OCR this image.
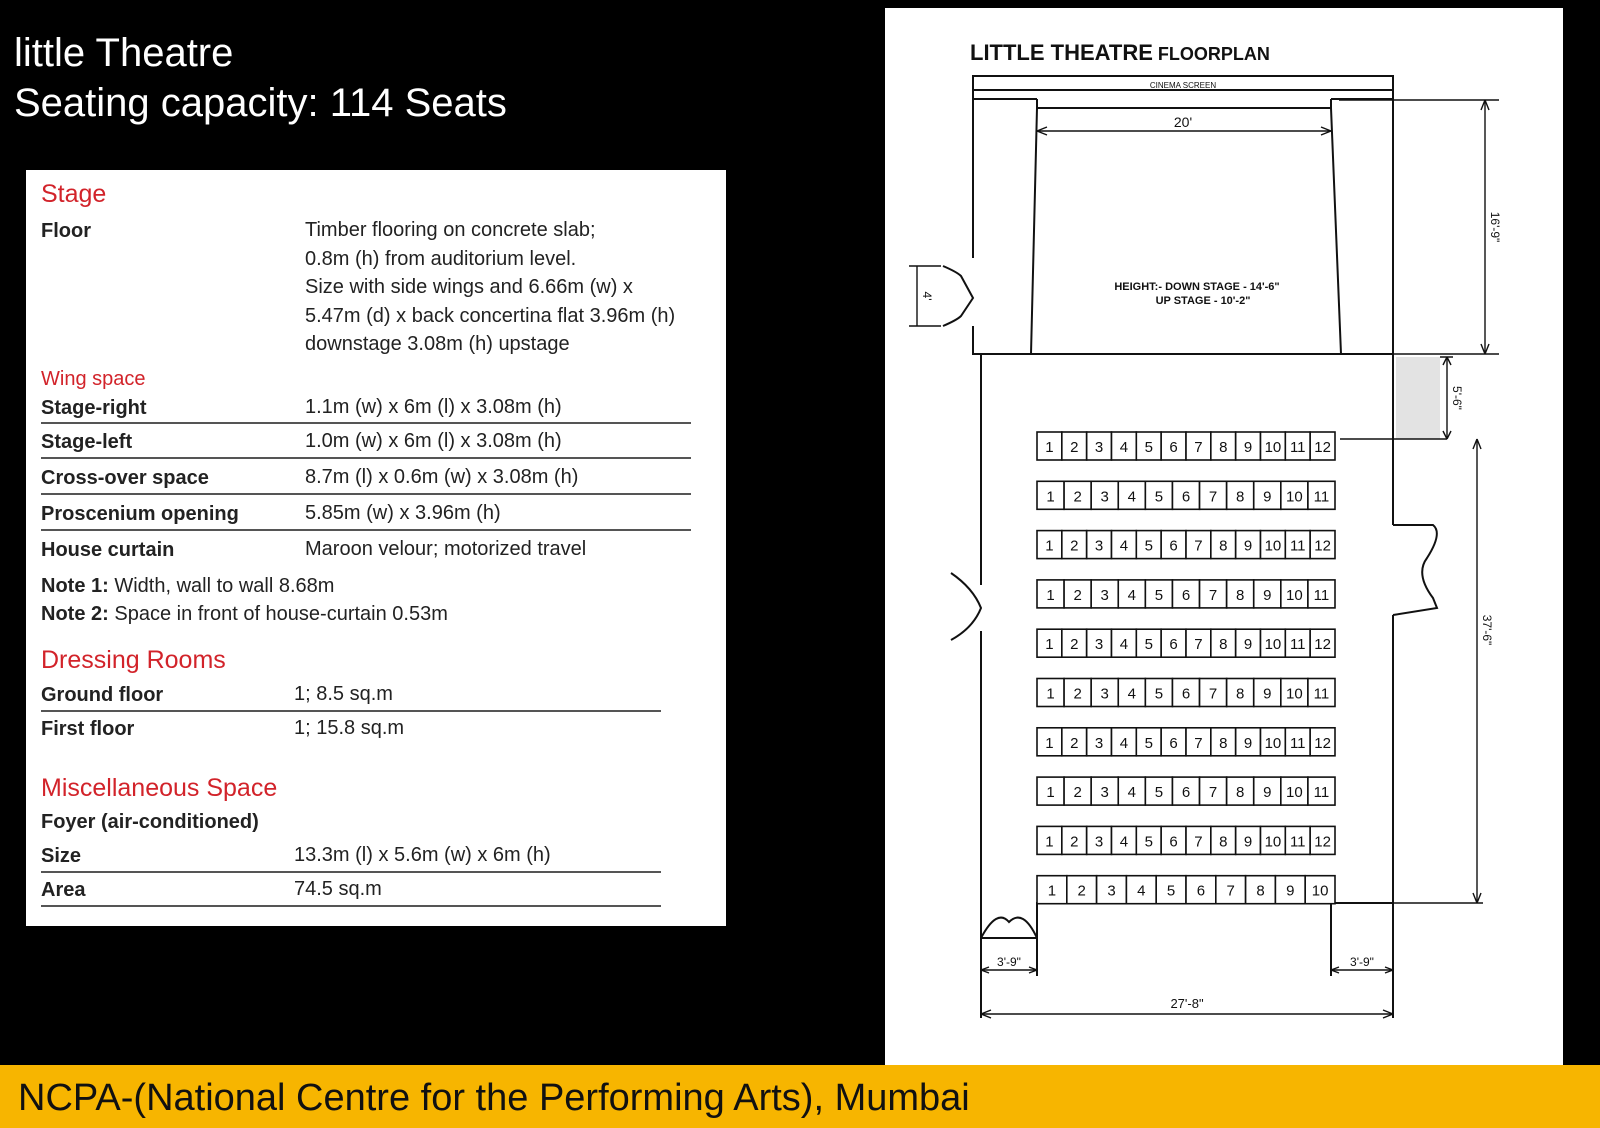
little Theatre
Seating capacity: 114 Seats
Stage
Floor	Timber flooring on concrete slab;
0.8m (h) from auditorium level.
Size with side wings and 6.66m (w) x
5.47m (d) x back concertina flat 3.96m (h)
downstage 3.08m (h) upstage
Wing space
Stage-right	1.1m (w) x 6m (l) x 3.08m (h)
Stage-left	1.0m (w) x 6m (l) x 3.08m (h)
Cross-over space	8.7m (l) x 0.6m (w) x 3.08m (h)
Proscenium opening	5.85m (w) x 3.96m (h)
House curtain	Maroon velour; motorized travel
Note 1: Width, wall to wall 8.68m
Note 2: Space in front of house-curtain 0.53m
Dressing Rooms
Ground floor	1; 8.5 sq.m
First floor	1; 15.8 sq.m
Miscellaneous Space
Foyer (air-conditioned)
Size	13.3m (l) x 5.6m (w) x 6m (h)
Area	74.5 sq.m
LITTLE THEATRE FLOORPLAN
CINEMA SCREEN
20'
HEIGHT:- DOWN STAGE - 14'-6"
UP STAGE - 10'-2"
4'
16'-9"
5'-6"
37'-6"
3'-9"	3'-9"
27'-8"
1 2 3 4 5 6 7 8 9 10 11 12
1 2 3 4 5 6 7 8 9 10 11
1 2 3 4 5 6 7 8 9 10 11 12
1 2 3 4 5 6 7 8 9 10 11
1 2 3 4 5 6 7 8 9 10 11 12
1 2 3 4 5 6 7 8 9 10 11
1 2 3 4 5 6 7 8 9 10 11 12
1 2 3 4 5 6 7 8 9 10 11
1 2 3 4 5 6 7 8 9 10 11 12
1 2 3 4 5 6 7 8 9 10
NCPA-(National Centre for the Performing Arts), Mumbai
